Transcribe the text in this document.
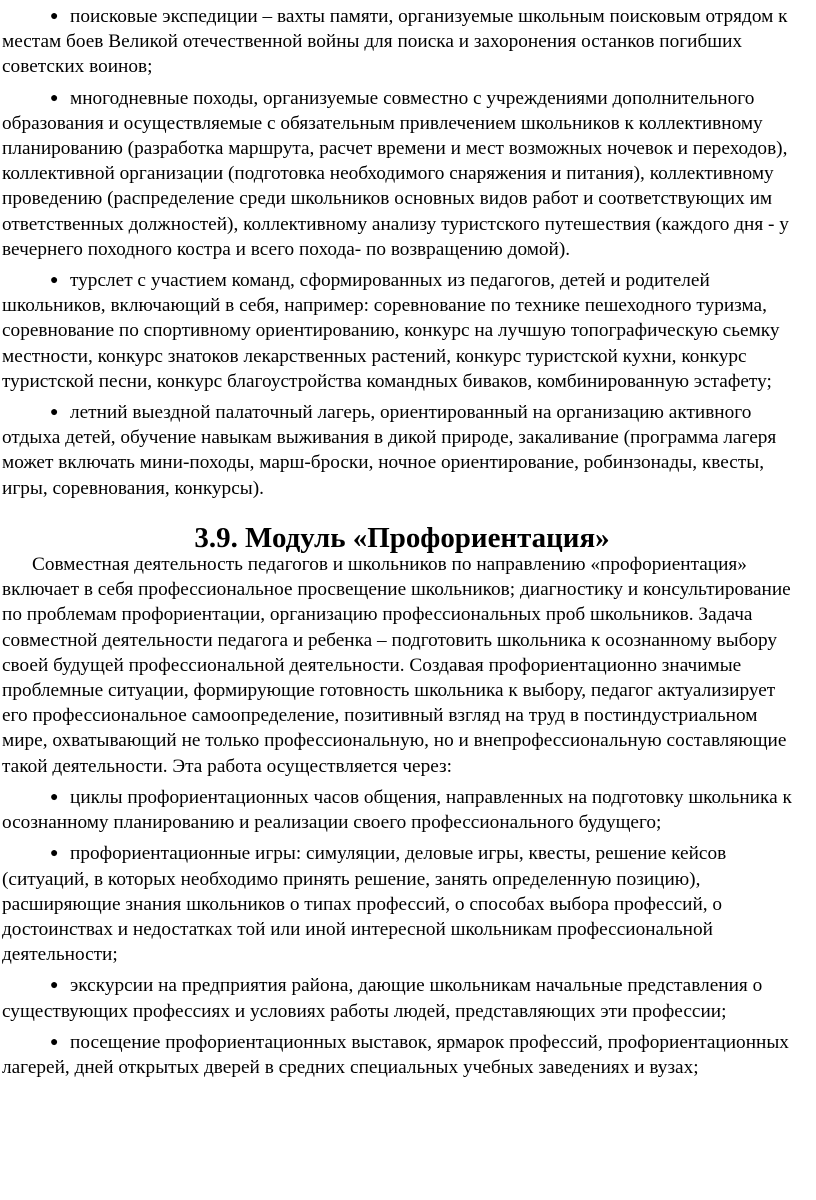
● поисковые экспедиции – вахты памяти, организуемые школьным поисковым отрядом к местам боев Великой отечественной войны для поиска и захоронения останков погибших советских воинов;

● многодневные походы, организуемые совместно с учреждениями дополнительного образования и осуществляемые с обязательным привлечением школьников к коллективному планированию (разработка маршрута, расчет времени и мест возможных ночевок и переходов), коллективной организации (подготовка необходимого снаряжения и питания), коллективному проведению (распределение среди школьников основных видов работ и соответствующих им ответственных должностей), коллективному анализу туристского путешествия (каждого дня - у вечернего походного костра и всего похода- по возвращению домой).

● турслет с участием команд, сформированных из педагогов, детей и родителей школьников, включающий в себя, например: соревнование по технике пешеходного туризма, соревнование по спортивному ориентированию, конкурс на лучшую топографическую сьемку местности, конкурс знатоков лекарственных растений, конкурс туристской кухни, конкурс туристской песни, конкурс благоустройства командных биваков, комбинированную эстафету;

● летний выездной палаточный лагерь, ориентированный на организацию активного отдыха детей, обучение навыкам выживания в дикой природе, закаливание (программа лагеря может включать мини-походы, марш-броски, ночное ориентирование, робинзонады, квесты, игры, соревнования, конкурсы).

3.9. Модуль «Профориентация»

Совместная деятельность педагогов и школьников по направлению «профориентация» включает в себя профессиональное просвещение школьников; диагностику и консультирование по проблемам профориентации, организацию профессиональных проб школьников. Задача совместной деятельности педагога и ребенка – подготовить школьника к осознанному выбору своей будущей профессиональной деятельности. Создавая профориентационно значимые проблемные ситуации, формирующие готовность школьника к выбору, педагог актуализирует его профессиональное самоопределение, позитивный взгляд на труд в постиндустриальном мире, охватывающий не только профессиональную, но и внепрофессиональную составляющие такой деятельности. Эта работа осуществляется через:

● циклы профориентационных часов общения, направленных на подготовку школьника к осознанному планированию и реализации своего профессионального будущего;

● профориентационные игры: симуляции, деловые игры, квесты, решение кейсов (ситуаций, в которых необходимо принять решение, занять определенную позицию), расширяющие знания школьников о типах профессий, о способах выбора профессий, о достоинствах и недостатках той или иной интересной школьникам профессиональной деятельности;

● экскурсии на предприятия района, дающие школьникам начальные представления о существующих профессиях и условиях работы людей, представляющих эти профессии;

● посещение профориентационных выставок, ярмарок профессий, профориентационных лагерей, дней открытых дверей в средних специальных учебных заведениях и вузах;
